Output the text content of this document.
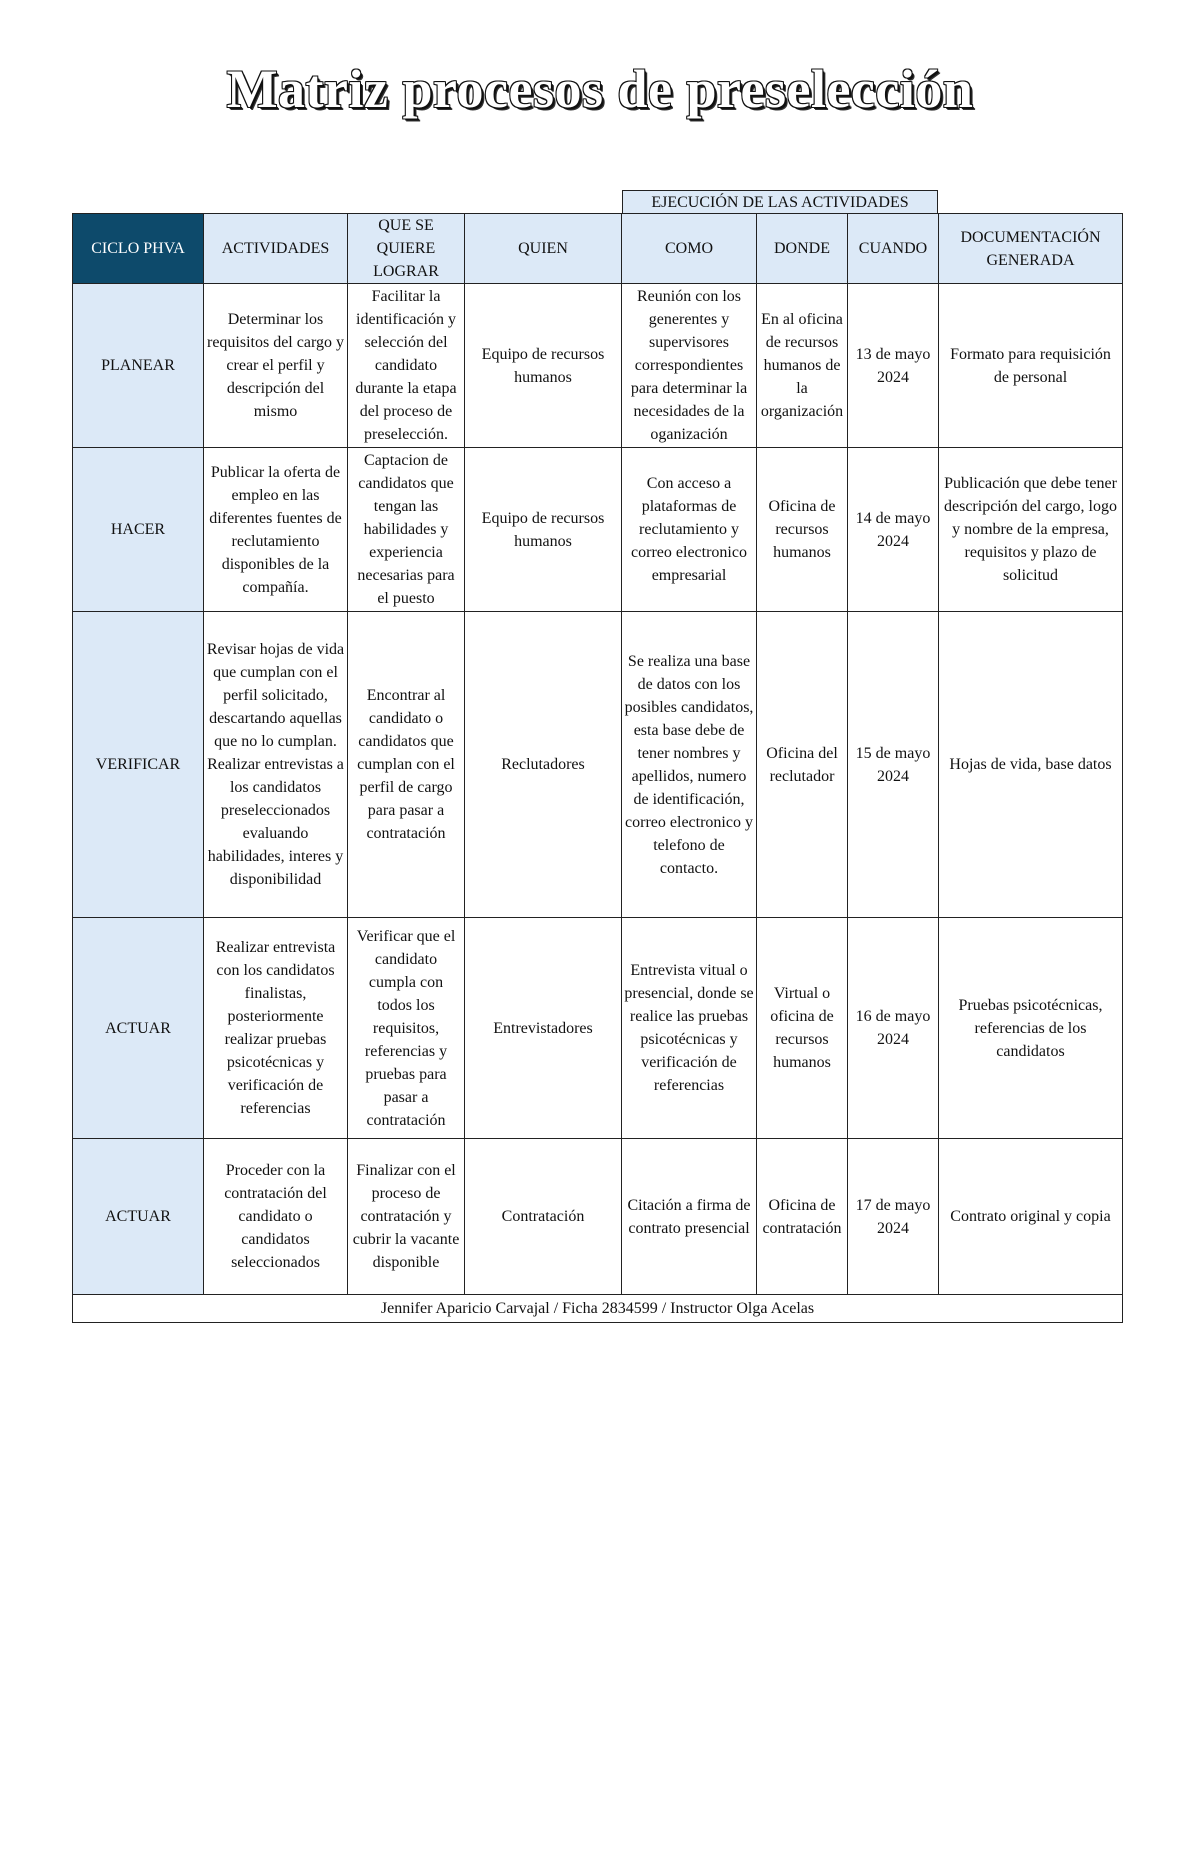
Matriz procesos de preselección
EJECUCIÓN DE LAS ACTIVIDADES
CICLO PHVA	ACTIVIDADES	QUE SE QUIERE LOGRAR	QUIEN	COMO	DONDE	CUANDO	DOCUMENTACIÓN GENERADA
PLANEAR	Determinar los requisitos del cargo y crear el perfil y descripción del mismo	Facilitar la identificación y selección del candidato durante la etapa del proceso de preselección.	Equipo de recursos humanos	Reunión con los generentes y supervisores correspondientes para determinar la necesidades de la oganización	En al oficina de recursos humanos de la organización	13 de mayo 2024	Formato para requisición de personal
HACER	Publicar la oferta de empleo en las diferentes fuentes de reclutamiento disponibles de la compañía.	Captacion de candidatos que tengan las habilidades y experiencia necesarias para el puesto	Equipo de recursos humanos	Con acceso a plataformas de reclutamiento y correo electronico empresarial	Oficina de recursos humanos	14 de mayo 2024	Publicación que debe tener descripción del cargo, logo y nombre de la empresa, requisitos y plazo de solicitud
VERIFICAR	Revisar hojas de vida que cumplan con el perfil solicitado, descartando aquellas que no lo cumplan. Realizar entrevistas a los candidatos preseleccionados evaluando habilidades, interes y disponibilidad	Encontrar al candidato o candidatos que cumplan con el perfil de cargo para pasar a contratación	Reclutadores	Se realiza una base de datos con los posibles candidatos, esta base debe de tener nombres y apellidos, numero de identificación, correo electronico y telefono de contacto.	Oficina del reclutador	15 de mayo 2024	Hojas de vida, base datos
ACTUAR	Realizar entrevista con los candidatos finalistas, posteriormente realizar pruebas psicotécnicas y verificación de referencias	Verificar que el candidato cumpla con todos los requisitos, referencias y pruebas para pasar a contratación	Entrevistadores	Entrevista vitual o presencial, donde se realice las pruebas psicotécnicas y verificación de referencias	Virtual o oficina de recursos humanos	16 de mayo 2024	Pruebas psicotécnicas, referencias de los candidatos
ACTUAR	Proceder con la contratación del candidato o candidatos seleccionados	Finalizar con el proceso de contratación y cubrir la vacante disponible	Contratación	Citación a firma de contrato presencial	Oficina de contratación	17 de mayo 2024	Contrato original y copia
Jennifer Aparicio Carvajal / Ficha 2834599 / Instructor Olga Acelas							
